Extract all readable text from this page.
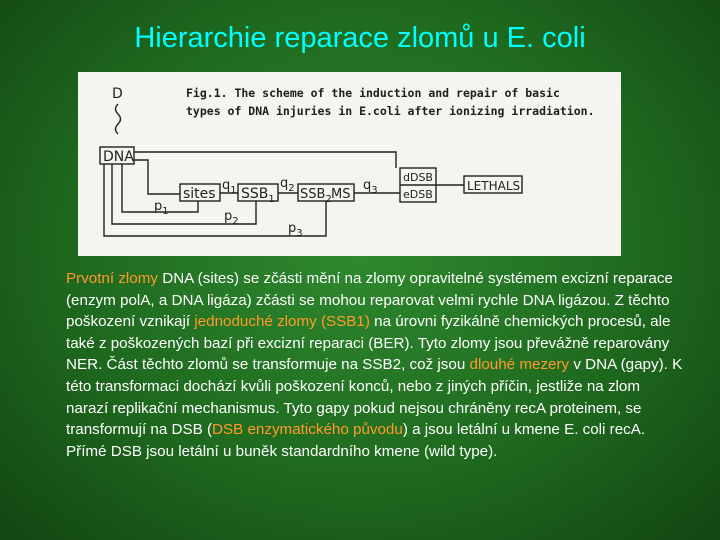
Hierarchie reparace zlomů u E. coli
Fig.1. The scheme of the induction and repair of basic
types of DNA injuries in E.coli after ionizing irradiation.
D
DNA
sites
$q_1$ $SSB_1$
$q_2$ $SSB_2$ MS
$q_3$
dDSB
eDSB
LETHALS
$p_1$	$p_2$	$p_3$
Prvotní zlomy DNA (sites) se zčásti mění na zlomy opravitelné systémem excizní reparace (enzym polA, a DNA ligáza) zčásti se mohou reparovat velmi rychle DNA ligázou. Z těchto poškození vznikají jednoduché zlomy (SSB1) na úrovni fyzikálně chemických procesů, ale také z poškozených bazí při excizní reparaci (BER). Tyto zlomy jsou převážně reparovány NER. Část těchto zlomů se transformuje na SSB2, což jsou dlouhé mezery v DNA (gapy). K této transformaci dochází kvůli poškození konců, nebo z jiných příčin, jestliže na zlom narazí replikační mechanismus. Tyto gapy pokud nejsou chráněny recA proteinem, se transformují na DSB (DSB enzymatického původu) a jsou letální u kmene E. coli recA. Přímé DSB jsou letální u buněk standardního kmene (wild type).
